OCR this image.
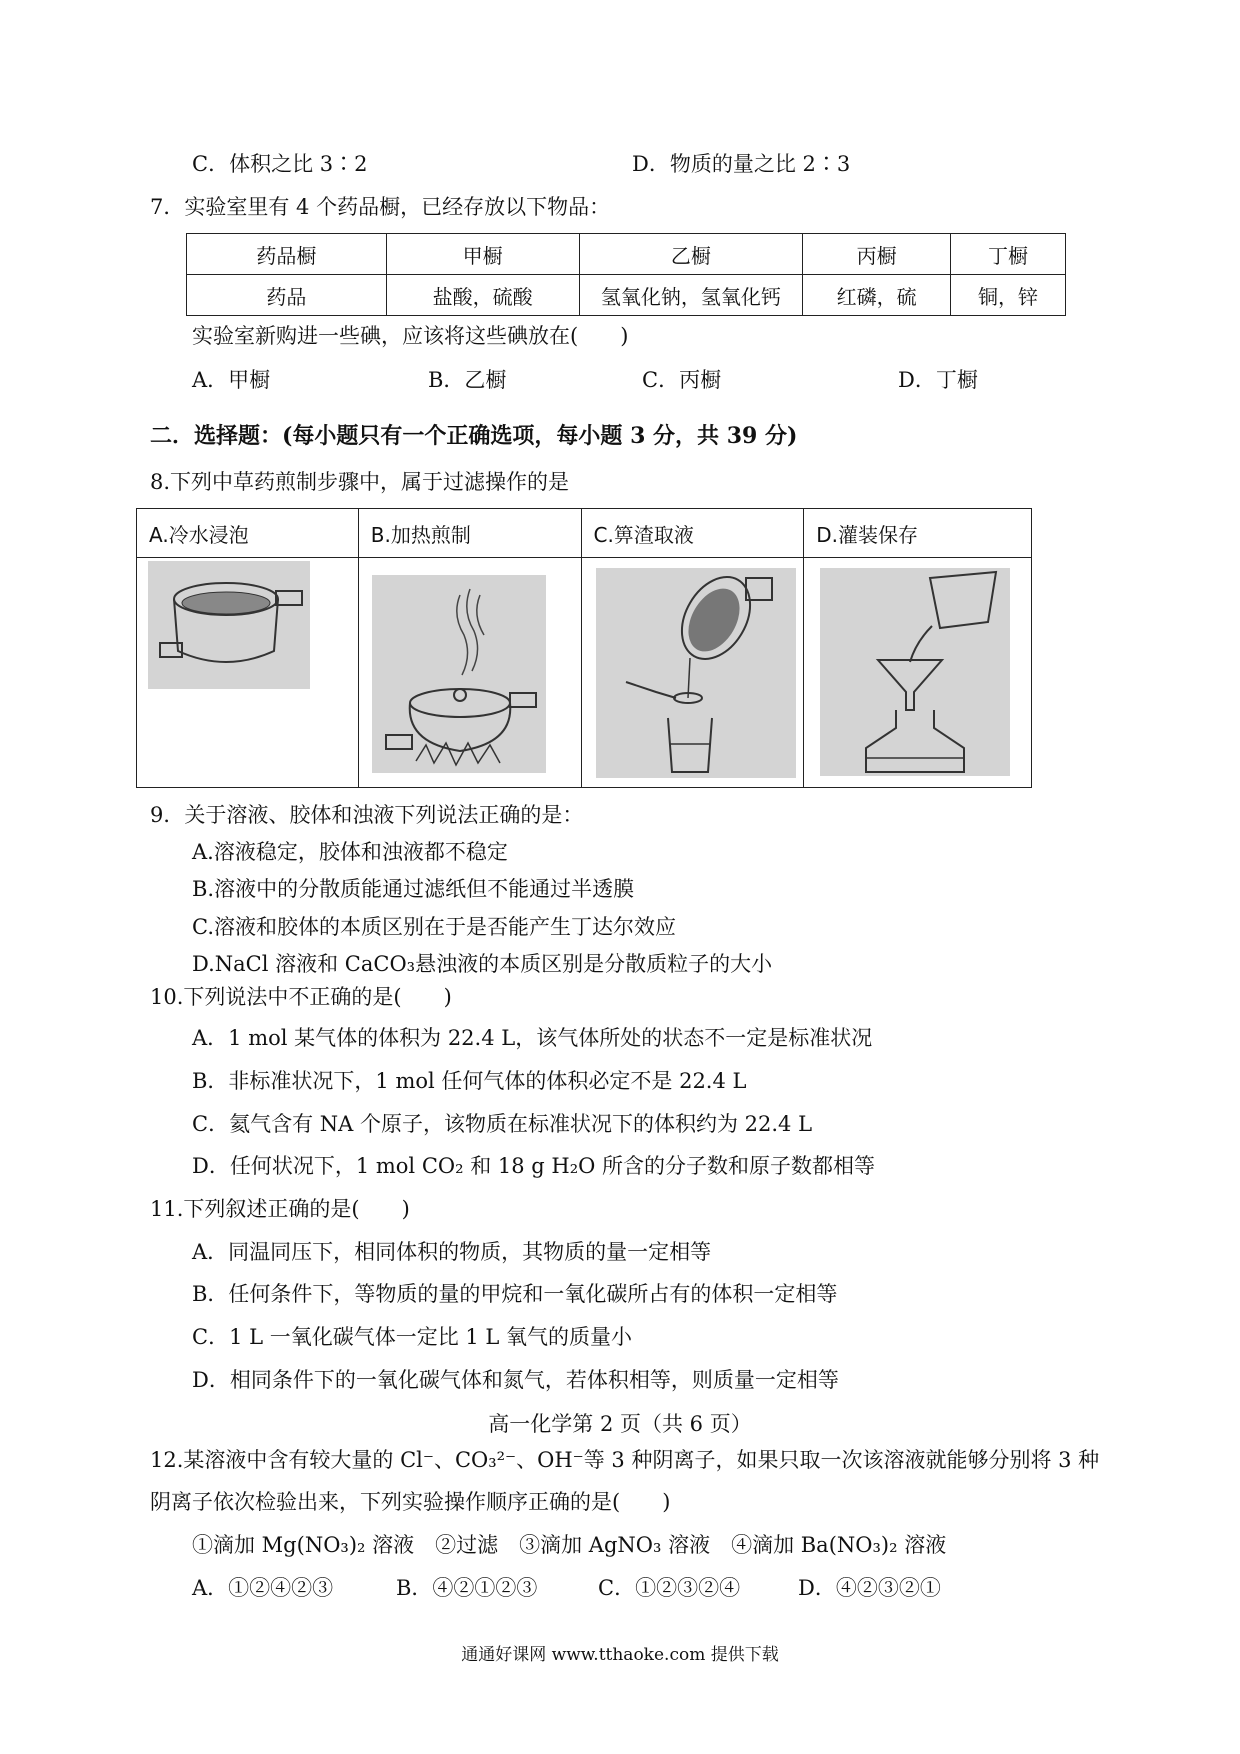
C．体积之比 3∶2	D．物质的量之比 2∶3
7．实验室里有 4 个药品橱，已经存放以下物品：
药品橱	甲橱	乙橱	丙橱	丁橱
药品	盐酸，硫酸	氢氧化钠，氢氧化钙	红磷，硫	铜，锌
实验室新购进一些碘，应该将这些碘放在(　　)
A．甲橱	B．乙橱	C．丙橱	D．丁橱
二．选择题：(每小题只有一个正确选项，每小题 3 分，共 39 分)
8.下列中草药煎制步骤中，属于过滤操作的是
A.冷水浸泡	B.加热煎制	C.箅渣取液	D.灌装保存

9．关于溶液、胶体和浊液下列说法正确的是：
A.溶液稳定，胶体和浊液都不稳定
B.溶液中的分散质能通过滤纸但不能通过半透膜
C.溶液和胶体的本质区别在于是否能产生丁达尔效应
D.NaCl 溶液和 CaCO₃悬浊液的本质区别是分散质粒子的大小
10.下列说法中不正确的是(　　)
A．1 mol 某气体的体积为 22.4 L，该气体所处的状态不一定是标准状况
B．非标准状况下，1 mol 任何气体的体积必定不是 22.4 L
C．氦气含有 NA 个原子，该物质在标准状况下的体积约为 22.4 L
D．任何状况下，1 mol CO₂ 和 18 g H₂O 所含的分子数和原子数都相等
11.下列叙述正确的是(　　)
A．同温同压下，相同体积的物质，其物质的量一定相等
B．任何条件下，等物质的量的甲烷和一氧化碳所占有的体积一定相等
C．1 L 一氧化碳气体一定比 1 L 氧气的质量小
D．相同条件下的一氧化碳气体和氮气，若体积相等，则质量一定相等
高一化学第 2 页（共 6 页）
12.某溶液中含有较大量的 Cl⁻、CO₃²⁻、OH⁻等 3 种阴离子，如果只取一次该溶液就能够分别将 3 种
阴离子依次检验出来，下列实验操作顺序正确的是(　　)
①滴加 Mg(NO₃)₂ 溶液　②过滤　③滴加 AgNO₃ 溶液　④滴加 Ba(NO₃)₂ 溶液
A．①②④②③	B．④②①②③	C．①②③②④	D．④②③②①
通通好课网 www.tthaoke.com 提供下载
